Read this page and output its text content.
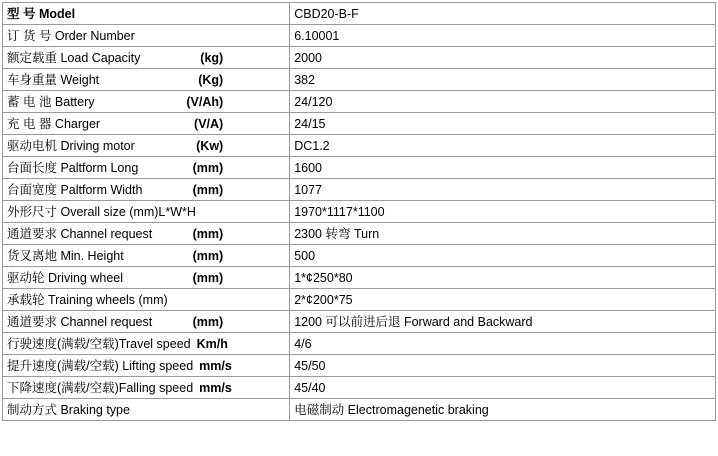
型 号 Model	CBD20-B-F

订 货 号 Order Number	6.10001

额定载重 Load Capacity (kg)	2000

车身重量 Weight (Kg)	382

蓄 电 池 Battery (V/Ah)	24/120

充 电 器 Charger (V/A)	24/15

驱动电机 Driving motor (Kw)	DC1.2

台面长度 Paltform Long (mm)	1600

台面宽度 Paltform Width (mm)	1077

外形尺寸 Overall size (mm)L*W*H	1970*1117*1100

通道要求 Channel request (mm)	2300 转弯 Turn

货叉离地 Min. Height (mm)	500

驱动轮 Driving wheel (mm)	1*¢250*80

承载轮 Training wheels (mm)	2*¢200*75

通道要求 Channel request (mm)	1200 可以前进后退 Forward and Backward

行驶速度(满载/空载)Travel speed Km/h	4/6

提升速度(满载/空载) Lifting speed mm/s	45/50

下降速度(满载/空载)Falling speed mm/s	45/40

制动方式 Braking type	电磁制动 Electromagenetic braking
